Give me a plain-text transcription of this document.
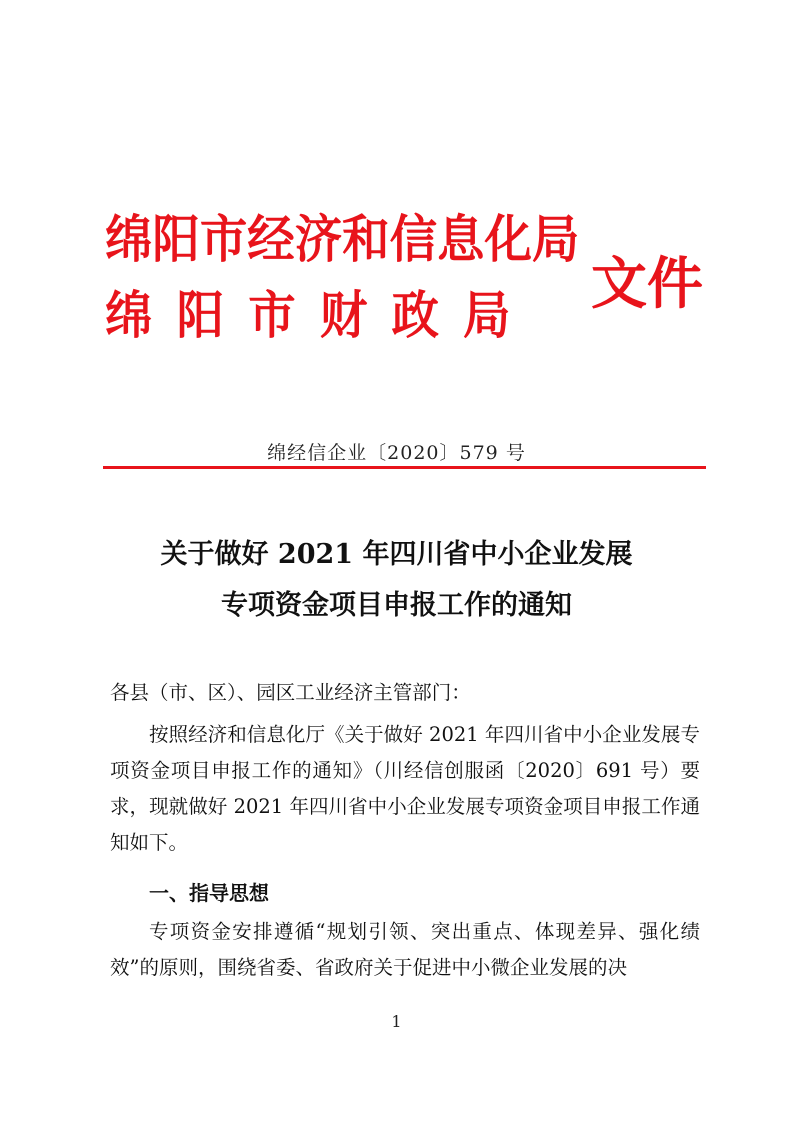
绵阳市经济和信息化局
绵阳市财政局 文件
绵经信企业〔2020〕579 号
关于做好 2021 年四川省中小企业发展
专项资金项目申报工作的通知
各县（市、区）、园区工业经济主管部门：
按照经济和信息化厅《关于做好 2021 年四川省中小企业发展专项资金项目申报工作的通知》（川经信创服函〔2020〕691 号）要求，现就做好 2021 年四川省中小企业发展专项资金项目申报工作通知如下。
一、指导思想
专项资金安排遵循“规划引领、突出重点、体现差异、强化绩效”的原则，围绕省委、省政府关于促进中小微企业发展的决
1
